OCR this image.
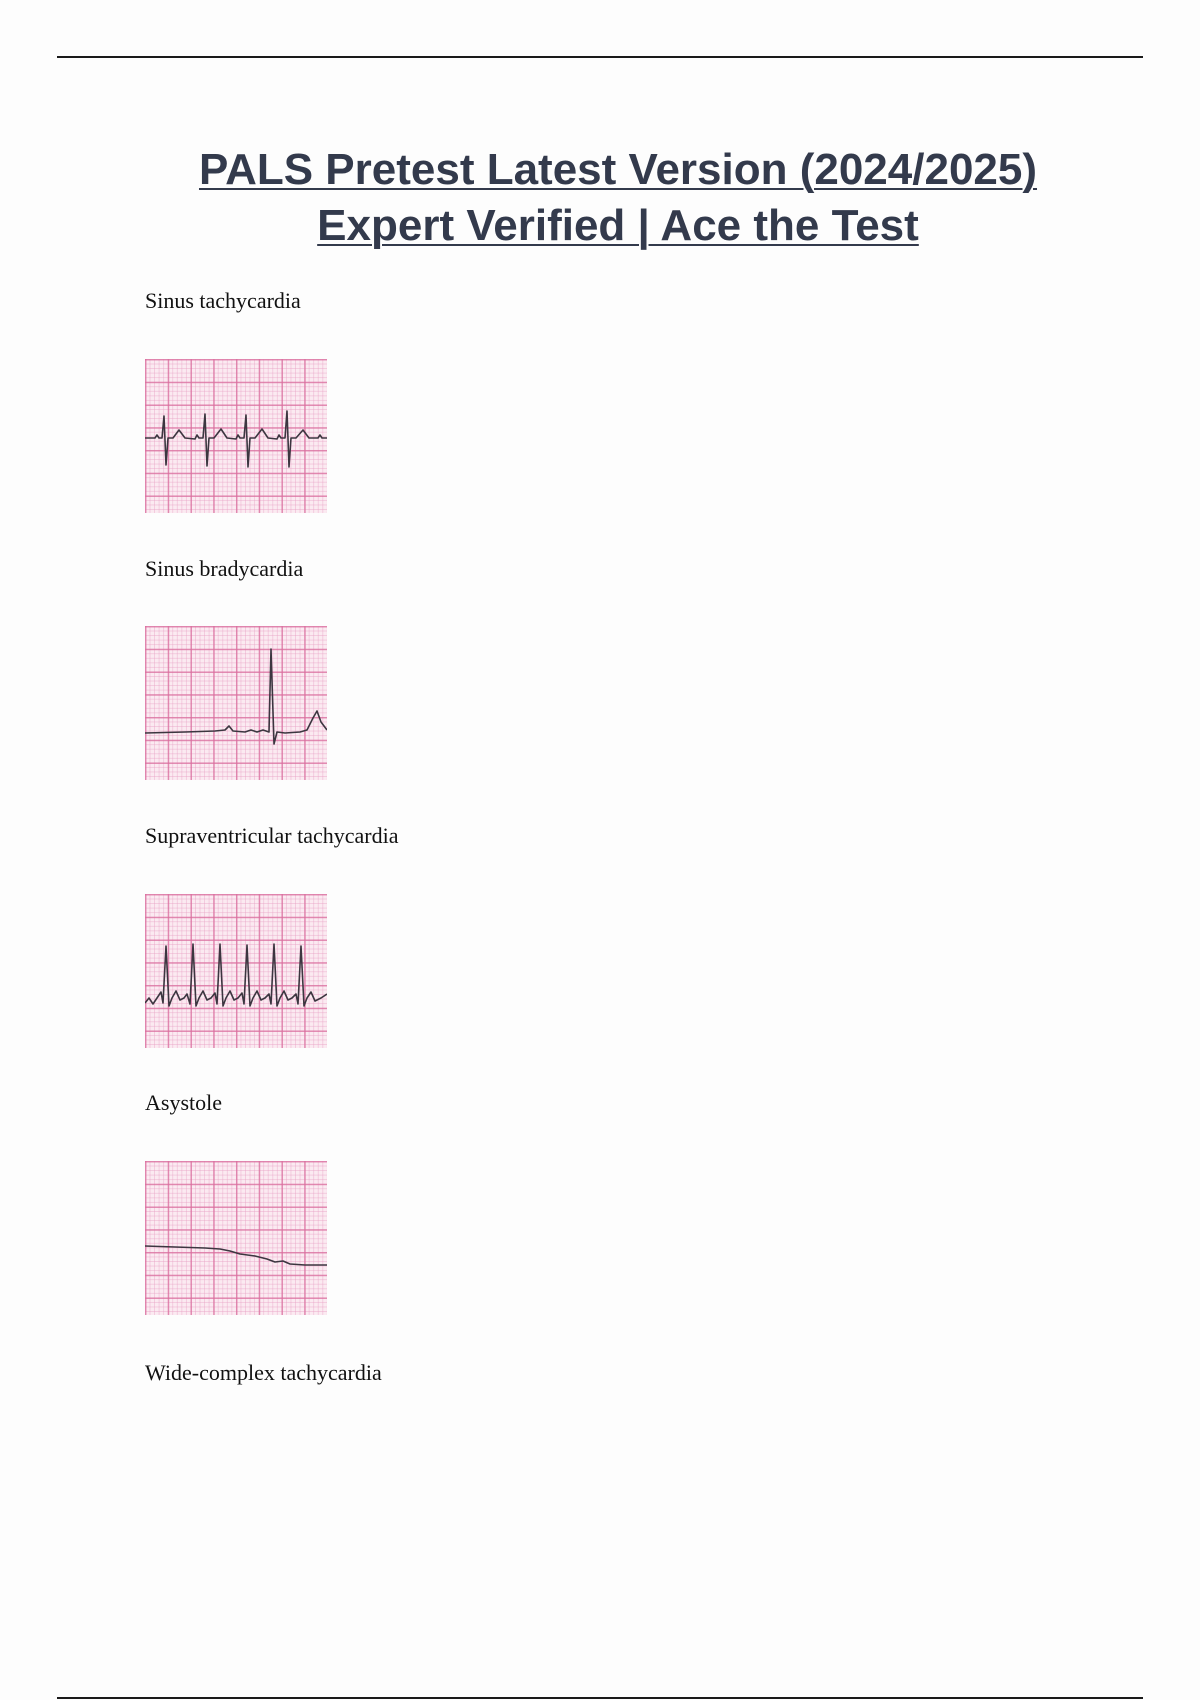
PALS Pretest Latest Version (2024/2025)
Expert Verified | Ace the Test
Sinus tachycardia
Sinus bradycardia
Supraventricular tachycardia
Asystole
Wide-complex tachycardia
